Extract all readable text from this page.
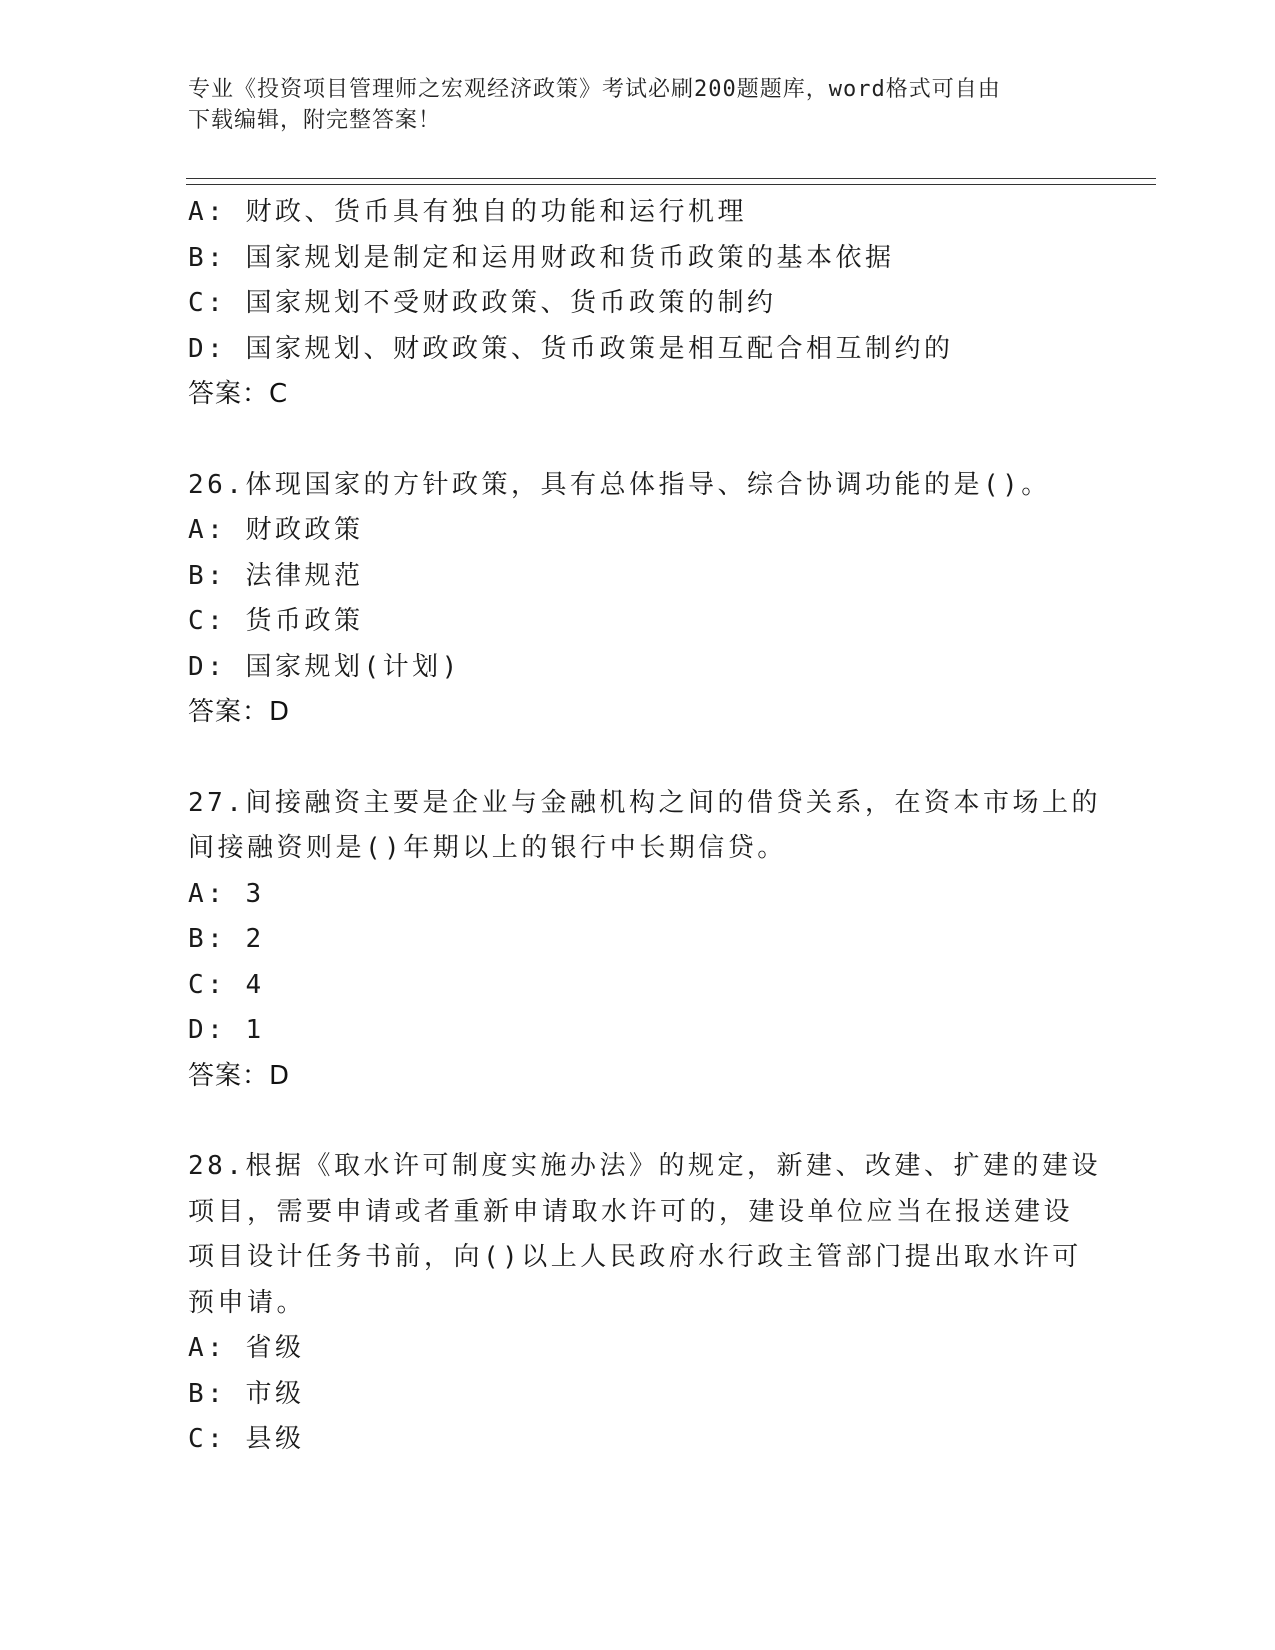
专业《投资项目管理师之宏观经济政策》考试必刷200题题库，word格式可自由
下载编辑，附完整答案！
A: 财政、货币具有独自的功能和运行机理
B: 国家规划是制定和运用财政和货币政策的基本依据
C: 国家规划不受财政政策、货币政策的制约
D: 国家规划、财政政策、货币政策是相互配合相互制约的
答案：C
26.体现国家的方针政策，具有总体指导、综合协调功能的是()。
A: 财政政策
B: 法律规范
C: 货币政策
D: 国家规划(计划)
答案：D
27.间接融资主要是企业与金融机构之间的借贷关系，在资本市场上的
间接融资则是()年期以上的银行中长期信贷。
A: 3
B: 2
C: 4
D: 1
答案：D
28.根据《取水许可制度实施办法》的规定，新建、改建、扩建的建设
项目，需要申请或者重新申请取水许可的，建设单位应当在报送建设
项目设计任务书前，向()以上人民政府水行政主管部门提出取水许可
预申请。
A: 省级
B: 市级
C: 县级
